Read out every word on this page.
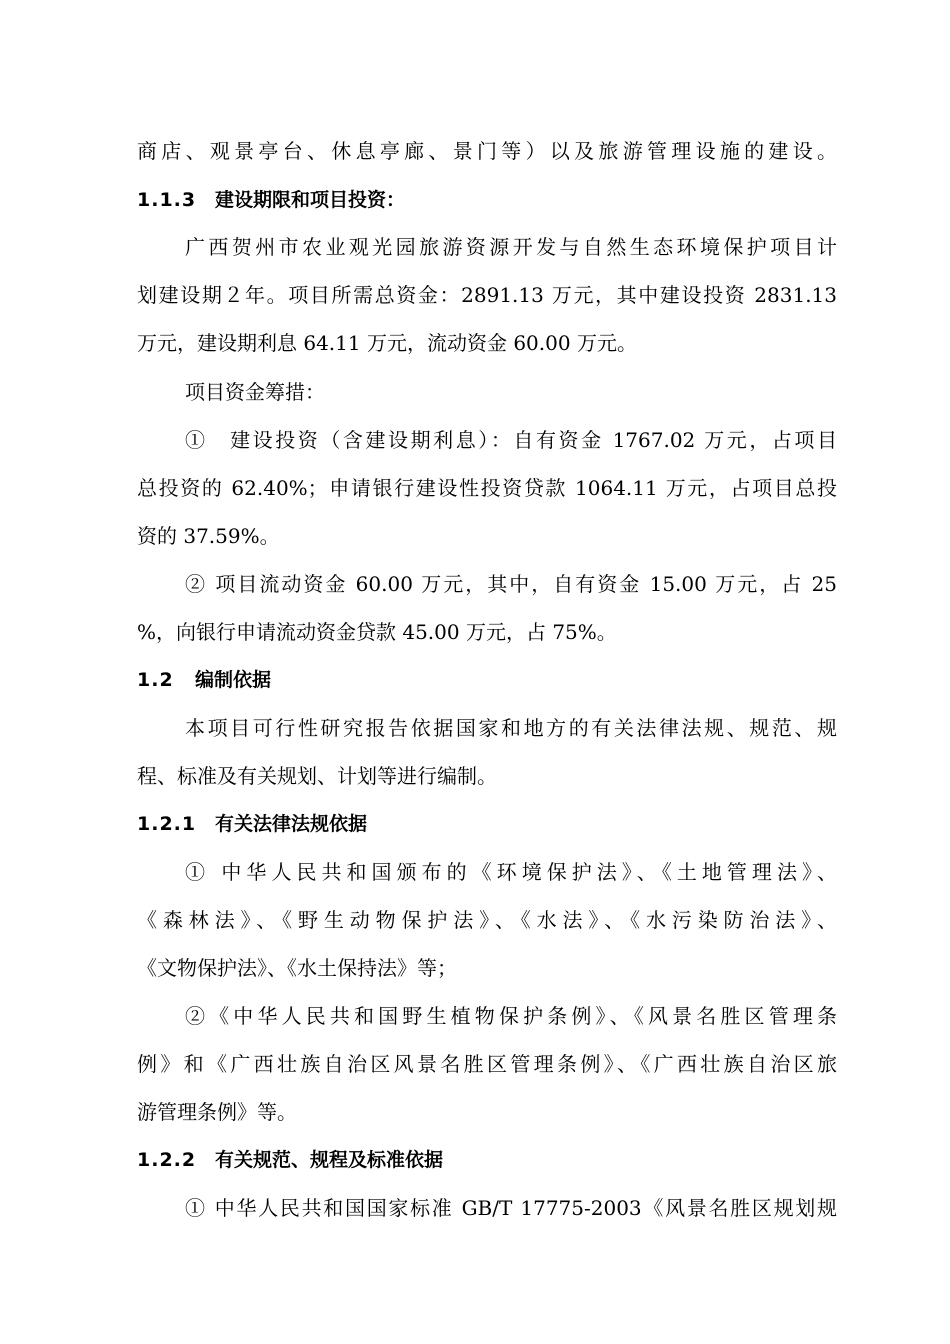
商店、观景亭台、休息亭廊、景门等）以及旅游管理设施的建设。
1.1.3 建设期限和项目投资：
广西贺州市农业观光园旅游资源开发与自然生态环境保护项目计
划建设期２年。项目所需总资金：2891.13 万元，其中建设投资 2831.13
万元，建设期利息 64.11 万元，流动资金 60.00 万元。
项目资金筹措：
①　建设投资（含建设期利息）：自有资金 1767.02 万元，占项目
总投资的 62.40%；申请银行建设性投资贷款 1064.11 万元，占项目总投
资的 37.59%。
② 项目流动资金 60.00 万元，其中，自有资金 15.00 万元，占 25
%，向银行申请流动资金贷款 45.00 万元，占 75%。
1.2 编制依据
本项目可行性研究报告依据国家和地方的有关法律法规、规范、规
程、标准及有关规划、计划等进行编制。
1.2.1 有关法律法规依据
① 中华人民共和国颁布的《环境保护法》、《土地管理法》、
《森林法》、《野生动物保护法》、《水法》、《水污染防治法》、
《文物保护法》、《水土保持法》等；
②《中华人民共和国野生植物保护条例》、《风景名胜区管理条
例》和《广西壮族自治区风景名胜区管理条例》、《广西壮族自治区旅
游管理条例》等。
1.2.2 有关规范、规程及标准依据
① 中华人民共和国国家标准 GB/T 17775-2003《风景名胜区规划规
